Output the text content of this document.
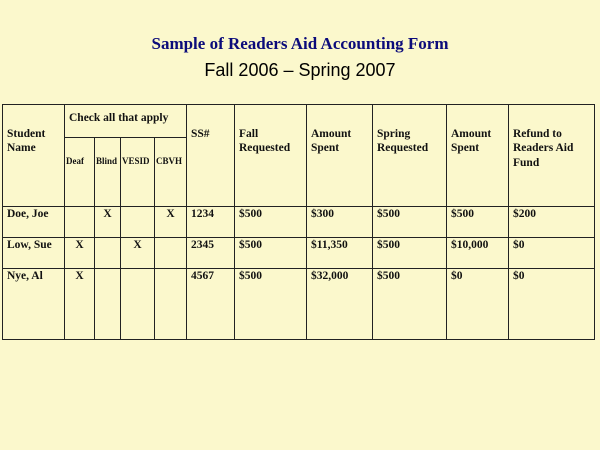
Sample of Readers Aid Accounting Form
Fall 2006 – Spring 2007
Student Name	Check all that apply				SS#	Fall Requested	Amount Spent	Spring Requested	Amount Spent	Refund to Readers Aid Fund
	Deaf	Blind	VESID	CBVH						
Doe, Joe		X		X	1234	$500	$300	$500	$500	$200
Low, Sue	X		X		2345	$500	$11,350	$500	$10,000	$0
Nye, Al	X				4567	$500	$32,000	$500	$0	$0
